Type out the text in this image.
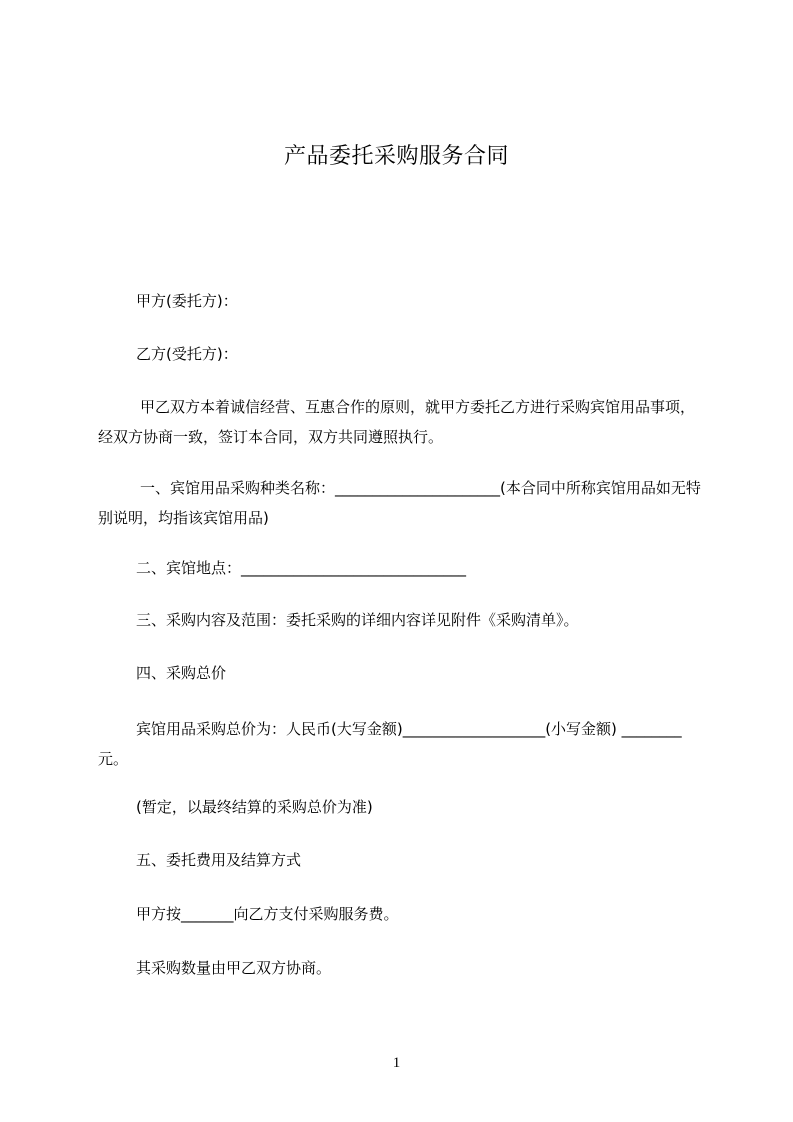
产品委托采购服务合同
甲方(委托方)：
乙方(受托方)：
甲乙双方本着诚信经营、互惠合作的原则，就甲方委托乙方进行采购宾馆用品事项，经双方协商一致，签订本合同，双方共同遵照执行。
一、宾馆用品采购种类名称：______________________(本合同中所称宾馆用品如无特别说明，均指该宾馆用品)
二、宾馆地点：______________________________
三、采购内容及范围：委托采购的详细内容详见附件《采购清单》。
四、采购总价
宾馆用品采购总价为：人民币(大写金额)___________________(小写金额) ________元。
(暂定，以最终结算的采购总价为准)
五、委托费用及结算方式
甲方按_______向乙方支付采购服务费。
其采购数量由甲乙双方协商。
1
